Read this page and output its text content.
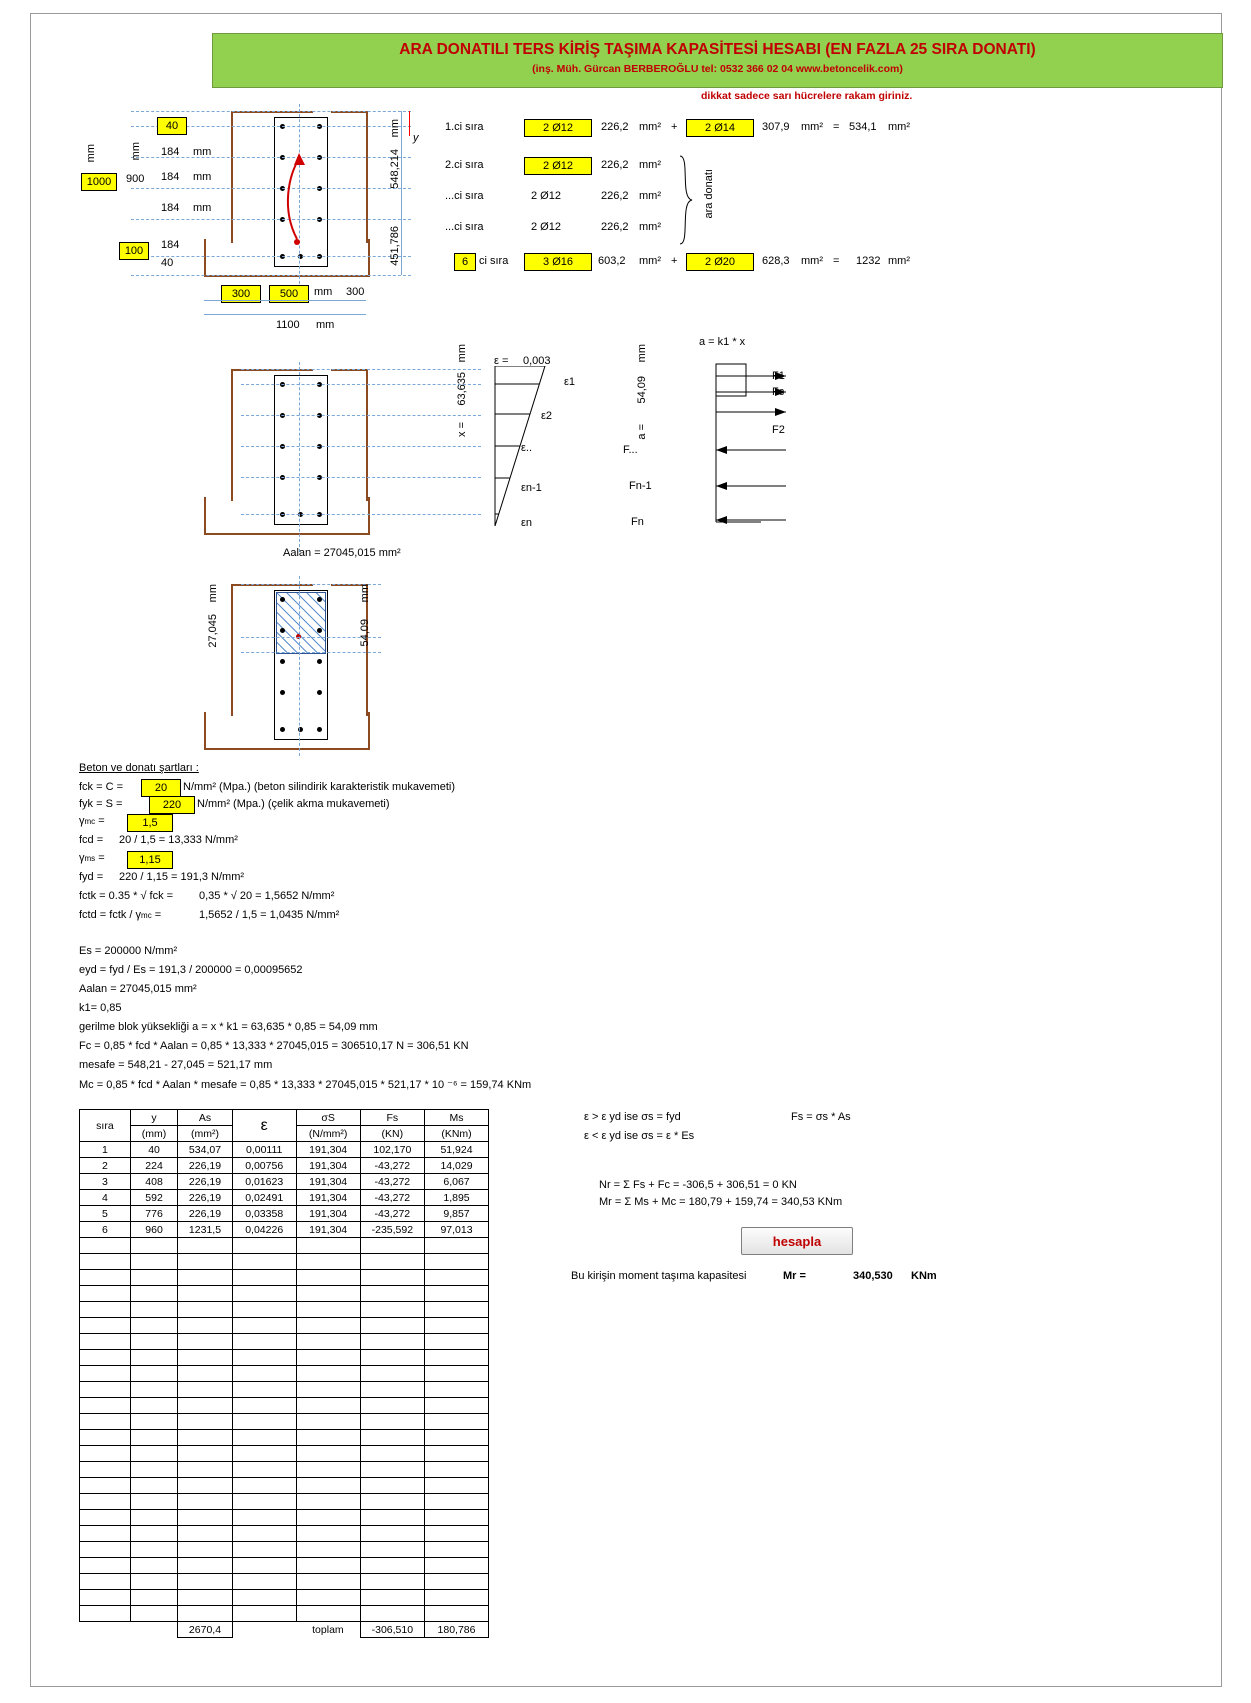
ARA DONATILI TERS KİRİŞ TAŞIMA KAPASİTESİ HESABI (EN FAZLA 25 SIRA DONATI)
(inş. Müh. Gürcan BERBEROĞLU tel: 0532 366 02 04 www.betoncelik.com)
dikkat sadece sarı hücrelere rakam giriniz.
1000
mm
900
mm
100
40
184 mm
184 mm
184 mm
184
40
mm
548,214
451,786
y
300	500	mm 300
1100 mm
1.ci sıra	2 Ø12	226,2 mm² +	2 Ø14	307,9 mm² = 534,1 mm²
2.ci sıra	2 Ø12	226,2 mm²
...ci sıra	2 Ø12	226,2 mm²
...ci sıra	2 Ø12	226,2 mm²
ara donatı
6 ci sıra	3 Ø16	603,2 mm² +	2 Ø20	628,3 mm² = 1232 mm²
mm
63,635
x =
ε = 0,003
ε1
ε2
ε..
εn-1
εn
mm
54,09
a =
a = k1 * x
F1
Fc
F2
F...
Fn-1
Fn
Aalan = 27045,015 mm²
mm
27,045
mm
54,09
Beton ve donatı şartları :
fck = C =	20	N/mm² (Mpa.) (beton silindirik karakteristik mukavemeti)
fyk = S =	220	N/mm² (Mpa.) (çelik akma mukavemeti)
γmc =	1,5
fcd = 20 / 1,5 = 13,333 N/mm²
γms =	1,15
fyd = 220 / 1,15 = 191,3 N/mm²
fctk = 0.35 * √ fck = 0,35 * √ 20 = 1,5652 N/mm²
fctd = fctk / γmc =	1,5652 / 1,5 = 1,0435 N/mm²
Es = 200000 N/mm²
eyd = fyd / Es = 191,3 / 200000 = 0,00095652
Aalan = 27045,015 mm²
k1= 0,85
gerilme blok yüksekliği a = x * k1 = 63,635 * 0,85 = 54,09 mm
Fc = 0,85 * fcd * Aalan = 0,85 * 13,333 * 27045,015 = 306510,17 N = 306,51 KN
mesafe = 548,21 - 27,045 = 521,17 mm
Mc = 0,85 * fcd * Aalan * mesafe = 0,85 * 13,333 * 27045,015 * 521,17 * 10 ⁻⁶ = 159,74 KNm
sıra	y	As	ε	σS	Fs	Ms
	(mm)	(mm²)		(N/mm²)	(KN)	(KNm)
1	40	534,07	0,00111	191,304	102,170	51,924
2	224	226,19	0,00756	191,304	-43,272	14,029
3	408	226,19	0,01623	191,304	-43,272	6,067
4	592	226,19	0,02491	191,304	-43,272	1,895
5	776	226,19	0,03358	191,304	-43,272	9,857
6	960	1231,5	0,04226	191,304	-235,592	97,013

		2670,4		toplam	-306,510	180,786
ε > ε yd ise σs = fyd	Fs = σs * As
ε < ε yd ise σs = ε * Es
Nr = Σ Fs + Fc = -306,5 + 306,51 = 0 KN
Mr = Σ Ms + Mc = 180,79 + 159,74 = 340,53 KNm
hesapla
Bu kirişin moment taşıma kapasitesi	Mr =	340,530 KNm
